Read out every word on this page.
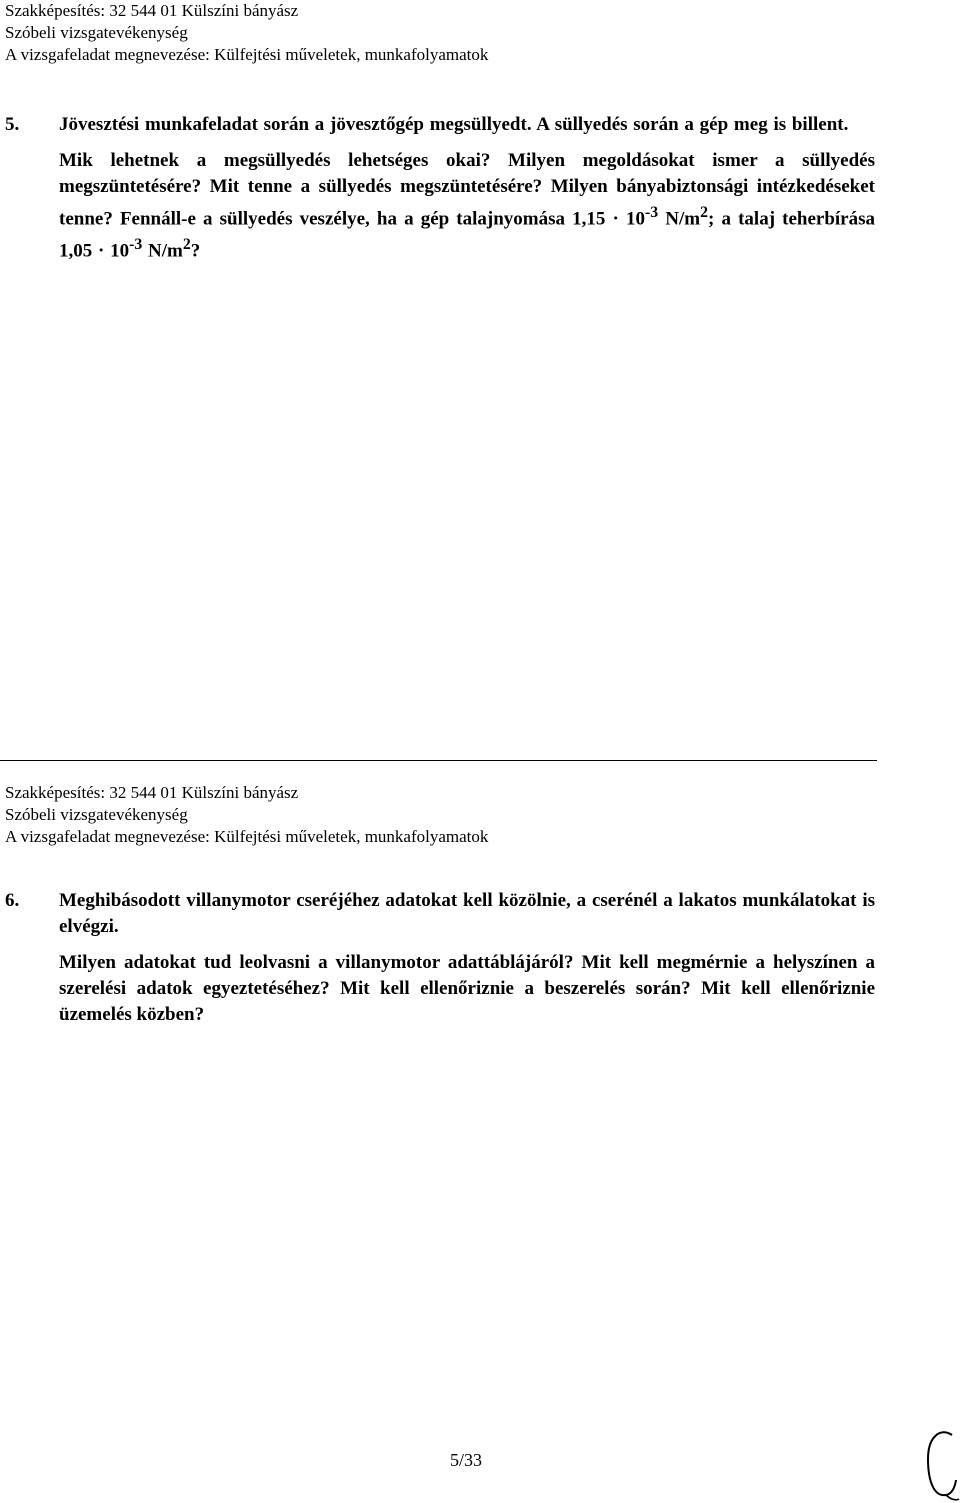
Szakképesítés: 32 544 01 Külszíni bányász
Szóbeli vizsgatevékenység
A vizsgafeladat megnevezése: Külfejtési műveletek, munkafolyamatok
5.	Jövesztési munkafeladat során a jövesztőgép megsüllyedt. A süllyedés során a gép meg is billent.
Mik lehetnek a megsüllyedés lehetséges okai? Milyen megoldásokat ismer a süllyedés megszüntetésére? Mit tenne a süllyedés megszüntetésére? Milyen bányabiztonsági intézkedéseket tenne? Fennáll-e a süllyedés veszélye, ha a gép talajnyomása $1,15 \cdot 10^{-3}$ $N/m^2$; a talaj teherbírása $1,05 \cdot 10^{-3}$ $N/m^2$?
Szakképesítés: 32 544 01 Külszíni bányász
Szóbeli vizsgatevékenység
A vizsgafeladat megnevezése: Külfejtési műveletek, munkafolyamatok
6.	Meghibásodott villanymotor cseréjéhez adatokat kell közölnie, a cserénél a lakatos munkálatokat is elvégzi.
Milyen adatokat tud leolvasni a villanymotor adattáblájáról? Mit kell megmérnie a helyszínen a szerelési adatok egyeztetéséhez? Mit kell ellenőriznie a beszerelés során? Mit kell ellenőriznie üzemelés közben?
5/33
